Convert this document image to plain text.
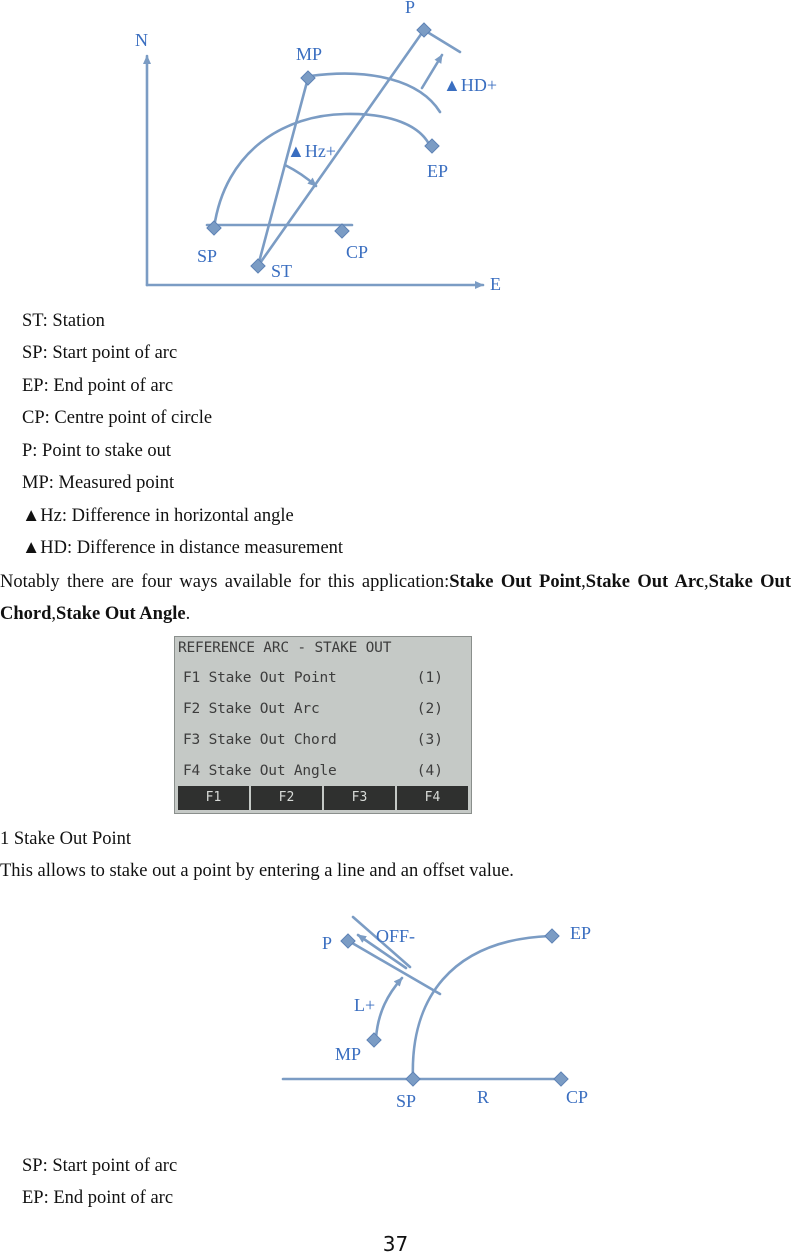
N
E
P
MP
▲HD+
▲Hz+
EP
SP
ST
CP
ST: Station
SP: Start point of arc
EP: End point of arc
CP: Centre point of circle
P: Point to stake out
MP: Measured point
▲Hz: Difference in horizontal angle
▲HD: Difference in distance measurement
Notably there are four ways available for this application:Stake Out Point,Stake Out Arc,Stake Out Chord,Stake Out Angle.
REFERENCE ARC - STAKE OUT
F1 Stake Out Point	(1)
F2 Stake Out Arc	(2)
F3 Stake Out Chord	(3)
F4 Stake Out Angle	(4)
F1	F2	F3	F4
1 Stake Out Point
This allows to stake out a point by entering a line and an offset value.
P OFF-	EP
L+
MP
SP	R	CP
SP: Start point of arc
EP: End point of arc
37
